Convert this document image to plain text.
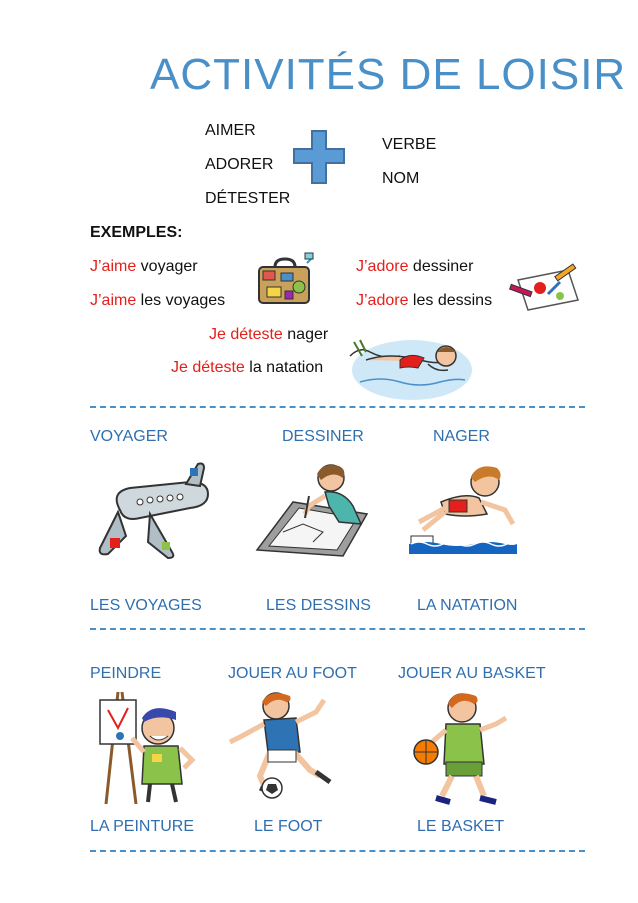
ACTIVITÉS DE LOISIR
AIMER
ADORER
DÉTESTER
VERBE
NOM
EXEMPLES:
J’aime voyager
J’aime les voyages
J’adore dessiner
J’adore les dessins
Je déteste nager
Je déteste la natation
VOYAGER	DESSINER	NAGER
LES VOYAGES	LES DESSINS	LA NATATION
PEINDRE	JOUER AU FOOT	JOUER AU BASKET
LA PEINTURE	LE FOOT	LE BASKET
